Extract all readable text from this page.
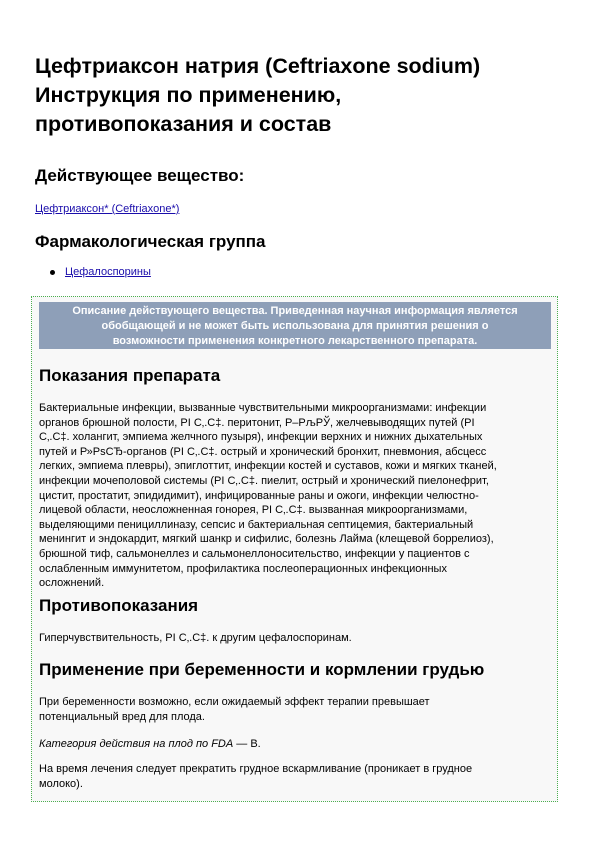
Цефтриаксон натрия (Ceftriaxone sodium)
Инструкция по применению,
противопоказания и состав
Действующее вещество:
Цефтриаксон* (Ceftriaxone*)
Фармакологическая группа
Цефалоспорины
Описание действующего вещества. Приведенная научная информация является
обобщающей и не может быть использована для принятия решения о
возможности применения конкретного лекарственного препарата.
Показания препарата
Бактериальные инфекции, вызванные чувствительными микроорганизмами: инфекции
органов брюшной полости, РІ С‚.С‡. перитонит, Р–РљРЎ, желчевыводящих путей (РІ
С‚.С‡. холангит, эмпиема желчного пузыря), инфекции верхних и нижних дыхательных
путей и Р»РѕСЂ-органов (РІ С‚.С‡. острый и хронический бронхит, пневмония, абсцесс
легких, эмпиема плевры), эпиглоттит, инфекции костей и суставов, кожи и мягких тканей,
инфекции мочеполовой системы (РІ С‚.С‡. пиелит, острый и хронический пиелонефрит,
цистит, простатит, эпидидимит), инфицированные раны и ожоги, инфекции челюстно-
лицевой области, неосложненная гонорея, РІ С‚.С‡. вызванная микроорганизмами,
выделяющими пенициллиназу, сепсис и бактериальная септицемия, бактериальный
менингит и эндокардит, мягкий шанкр и сифилис, болезнь Лайма (клещевой боррелиоз),
брюшной тиф, сальмонеллез и сальмонеллоносительство, инфекции у пациентов с
ослабленным иммунитетом, профилактика послеоперационных инфекционных
осложнений.
Противопоказания
Гиперчувствительность, РІ С‚.С‡. к другим цефалоспоринам.
Применение при беременности и кормлении грудью
При беременности возможно, если ожидаемый эффект терапии превышает
потенциальный вред для плода.
Категория действия на плод по FDA — B.
На время лечения следует прекратить грудное вскармливание (проникает в грудное
молоко).
